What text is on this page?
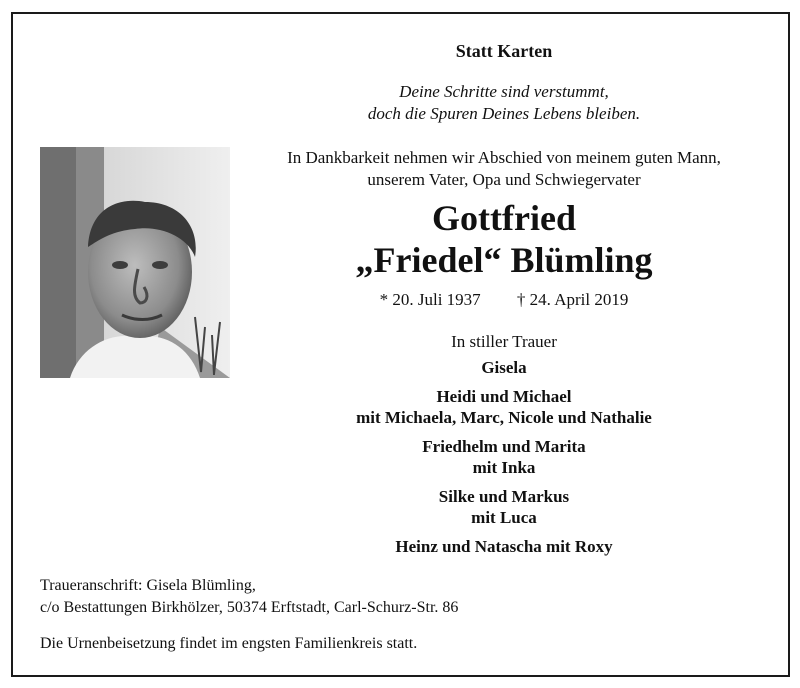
Statt Karten
Deine Schritte sind verstummt,
doch die Spuren Deines Lebens bleiben.
In Dankbarkeit nehmen wir Abschied von meinem guten Mann,
unserem Vater, Opa und Schwiegervater
Gottfried
„Friedel“ Blümling
* 20. Juli 1937 † 24. April 2019
In stiller Trauer
Gisela
Heidi und Michael
mit Michaela, Marc, Nicole und Nathalie
Friedhelm und Marita
mit Inka
Silke und Markus
mit Luca
Heinz und Natascha mit Roxy
Traueranschrift: Gisela Blümling,
c/o Bestattungen Birkhölzer, 50374 Erftstadt, Carl-Schurz-Str. 86
Die Urnenbeisetzung findet im engsten Familienkreis statt.
